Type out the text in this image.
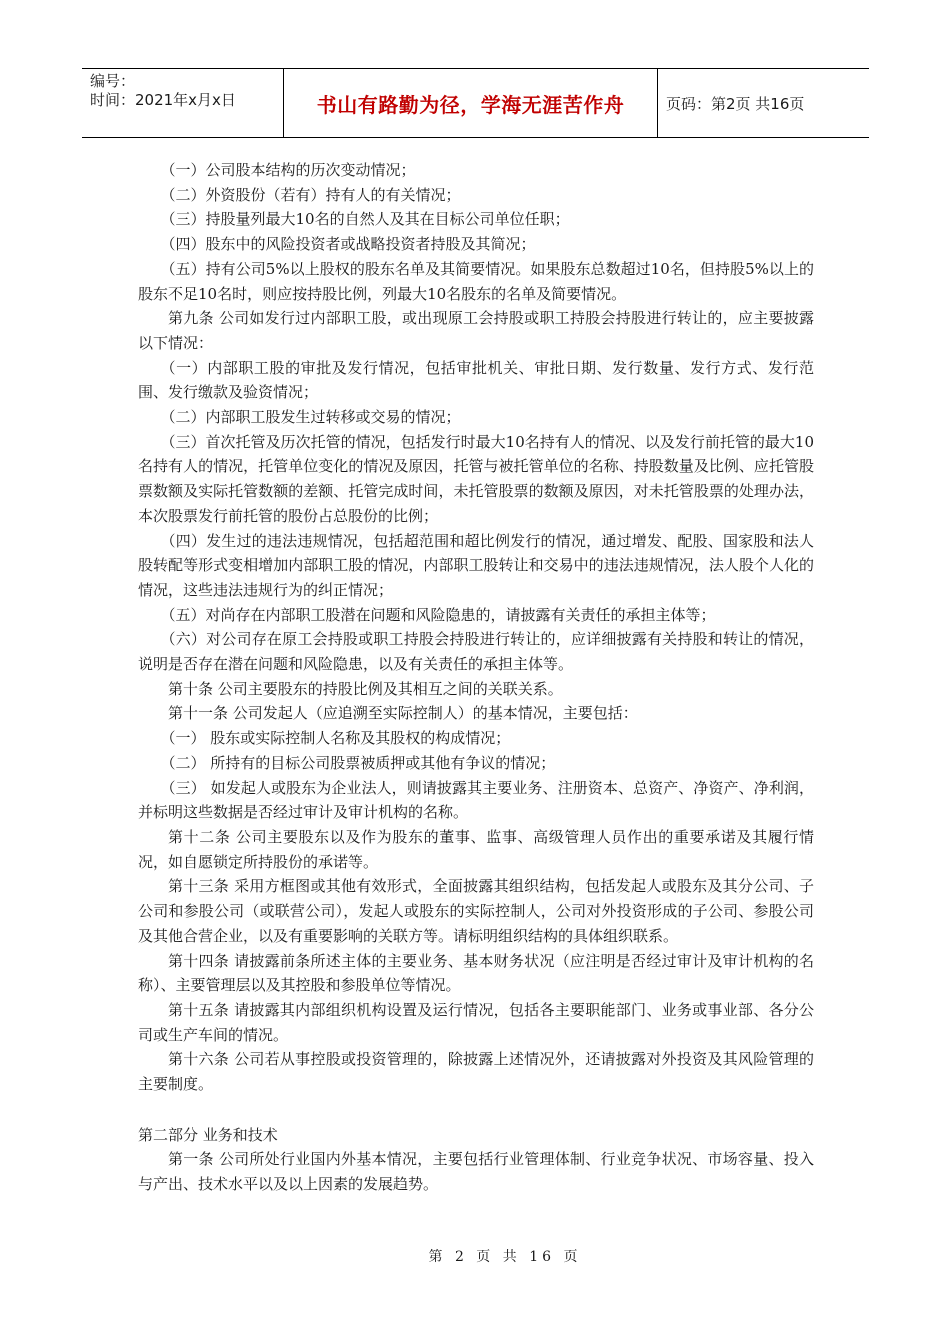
编号：
时间：2021年x月x日	书山有路勤为径，学海无涯苦作舟	页码：第2页 共16页

（一）公司股本结构的历次变动情况；

（二）外资股份（若有）持有人的有关情况；

（三）持股量列最大10名的自然人及其在目标公司单位任职；

（四）股东中的风险投资者或战略投资者持股及其简况；

（五）持有公司5%以上股权的股东名单及其简要情况。如果股东总数超过10名，但持股5%以上的股东不足10名时，则应按持股比例，列最大10名股东的名单及简要情况。

第九条 公司如发行过内部职工股，或出现原工会持股或职工持股会持股进行转让的，应主要披露以下情况：

（一）内部职工股的审批及发行情况，包括审批机关、审批日期、发行数量、发行方式、发行范围、发行缴款及验资情况；

（二）内部职工股发生过转移或交易的情况；

（三）首次托管及历次托管的情况，包括发行时最大10名持有人的情况、以及发行前托管的最大10名持有人的情况，托管单位变化的情况及原因，托管与被托管单位的名称、持股数量及比例、应托管股票数额及实际托管数额的差额、托管完成时间，未托管股票的数额及原因，对未托管股票的处理办法，本次股票发行前托管的股份占总股份的比例；

（四）发生过的违法违规情况，包括超范围和超比例发行的情况，通过增发、配股、国家股和法人股转配等形式变相增加内部职工股的情况，内部职工股转让和交易中的违法违规情况，法人股个人化的情况，这些违法违规行为的纠正情况；

（五）对尚存在内部职工股潜在问题和风险隐患的，请披露有关责任的承担主体等；

（六）对公司存在原工会持股或职工持股会持股进行转让的，应详细披露有关持股和转让的情况，说明是否存在潜在问题和风险隐患，以及有关责任的承担主体等。

第十条 公司主要股东的持股比例及其相互之间的关联关系。

第十一条 公司发起人（应追溯至实际控制人）的基本情况，主要包括：

（一） 股东或实际控制人名称及其股权的构成情况；

（二） 所持有的目标公司股票被质押或其他有争议的情况；

（三） 如发起人或股东为企业法人，则请披露其主要业务、注册资本、总资产、净资产、净利润，并标明这些数据是否经过审计及审计机构的名称。

第十二条 公司主要股东以及作为股东的董事、监事、高级管理人员作出的重要承诺及其履行情况，如自愿锁定所持股份的承诺等。

第十三条 采用方框图或其他有效形式，全面披露其组织结构，包括发起人或股东及其分公司、子公司和参股公司（或联营公司），发起人或股东的实际控制人，公司对外投资形成的子公司、参股公司及其他合营企业，以及有重要影响的关联方等。请标明组织结构的具体组织联系。

第十四条 请披露前条所述主体的主要业务、基本财务状况（应注明是否经过审计及审计机构的名称）、主要管理层以及其控股和参股单位等情况。

第十五条 请披露其内部组织机构设置及运行情况，包括各主要职能部门、业务或事业部、各分公司或生产车间的情况。

第十六条 公司若从事控股或投资管理的，除披露上述情况外，还请披露对外投资及其风险管理的主要制度。

第二部分 业务和技术

第一条 公司所处行业国内外基本情况，主要包括行业管理体制、行业竞争状况、市场容量、投入与产出、技术水平以及以上因素的发展趋势。

第 2 页 共 16 页
